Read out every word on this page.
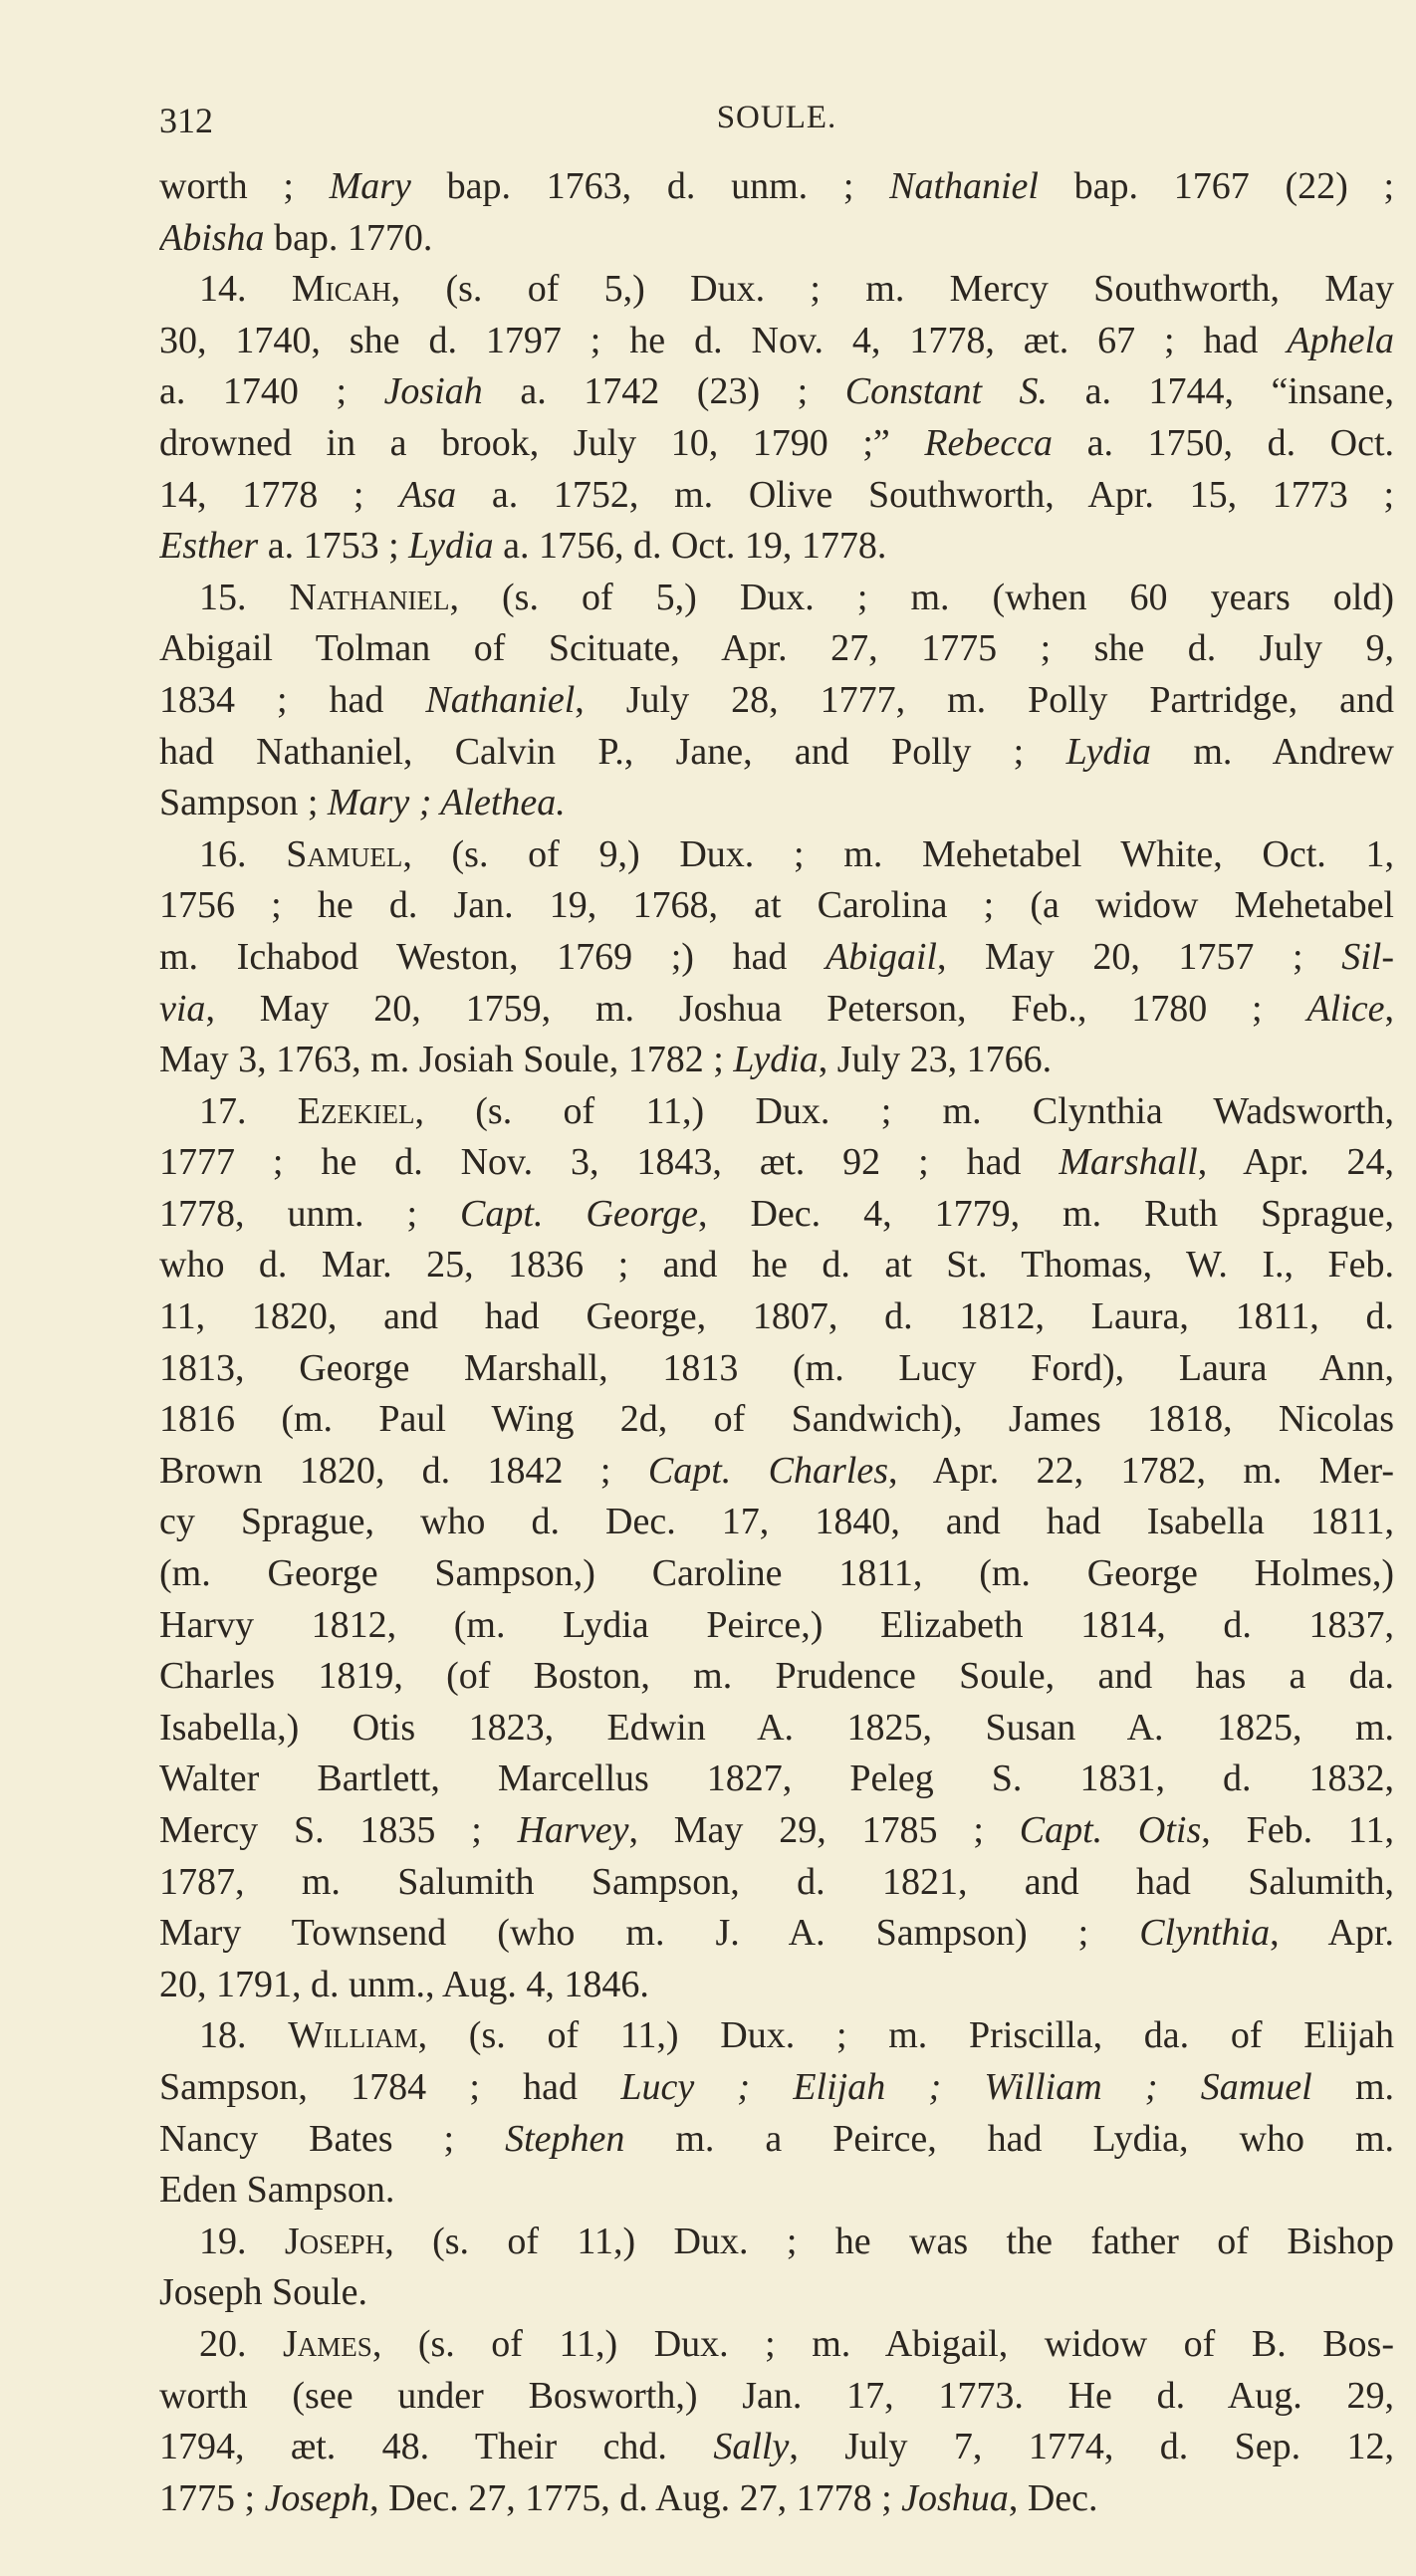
312	SOULE.
worth ; Mary bap. 1763, d. unm. ; Nathaniel bap. 1767 (22) ;
Abisha bap. 1770.
14. Micah, (s. of 5,) Dux. ; m. Mercy Southworth, May
30, 1740, she d. 1797 ; he d. Nov. 4, 1778, æt. 67 ; had Aphela
a. 1740 ; Josiah a. 1742 (23) ; Constant S. a. 1744, “insane,
drowned in a brook, July 10, 1790 ;” Rebecca a. 1750, d. Oct.
14, 1778 ; Asa a. 1752, m. Olive Southworth, Apr. 15, 1773 ;
Esther a. 1753 ; Lydia a. 1756, d. Oct. 19, 1778.
15. Nathaniel, (s. of 5,) Dux. ; m. (when 60 years old)
Abigail Tolman of Scituate, Apr. 27, 1775 ; she d. July 9,
1834 ; had Nathaniel, July 28, 1777, m. Polly Partridge, and
had Nathaniel, Calvin P., Jane, and Polly ; Lydia m. Andrew
Sampson ; Mary ; Alethea.
16. Samuel, (s. of 9,) Dux. ; m. Mehetabel White, Oct. 1,
1756 ; he d. Jan. 19, 1768, at Carolina ; (a widow Mehetabel
m. Ichabod Weston, 1769 ;) had Abigail, May 20, 1757 ; Sil-
via, May 20, 1759, m. Joshua Peterson, Feb., 1780 ; Alice,
May 3, 1763, m. Josiah Soule, 1782 ; Lydia, July 23, 1766.
17. Ezekiel, (s. of 11,) Dux. ; m. Clynthia Wadsworth,
1777 ; he d. Nov. 3, 1843, æt. 92 ; had Marshall, Apr. 24,
1778, unm. ; Capt. George, Dec. 4, 1779, m. Ruth Sprague,
who d. Mar. 25, 1836 ; and he d. at St. Thomas, W. I., Feb.
11, 1820, and had George, 1807, d. 1812, Laura, 1811, d.
1813, George Marshall, 1813 (m. Lucy Ford), Laura Ann,
1816 (m. Paul Wing 2d, of Sandwich), James 1818, Nicolas
Brown 1820, d. 1842 ; Capt. Charles, Apr. 22, 1782, m. Mer-
cy Sprague, who d. Dec. 17, 1840, and had Isabella 1811,
(m. George Sampson,) Caroline 1811, (m. George Holmes,)
Harvy 1812, (m. Lydia Peirce,) Elizabeth 1814, d. 1837,
Charles 1819, (of Boston, m. Prudence Soule, and has a da.
Isabella,) Otis 1823, Edwin A. 1825, Susan A. 1825, m.
Walter Bartlett, Marcellus 1827, Peleg S. 1831, d. 1832,
Mercy S. 1835 ; Harvey, May 29, 1785 ; Capt. Otis, Feb. 11,
1787, m. Salumith Sampson, d. 1821, and had Salumith,
Mary Townsend (who m. J. A. Sampson) ; Clynthia, Apr.
20, 1791, d. unm., Aug. 4, 1846.
18. William, (s. of 11,) Dux. ; m. Priscilla, da. of Elijah
Sampson, 1784 ; had Lucy ; Elijah ; William ; Samuel m.
Nancy Bates ; Stephen m. a Peirce, had Lydia, who m.
Eden Sampson.
19. Joseph, (s. of 11,) Dux. ; he was the father of Bishop
Joseph Soule.
20. James, (s. of 11,) Dux. ; m. Abigail, widow of B. Bos-
worth (see under Bosworth,) Jan. 17, 1773. He d. Aug. 29,
1794, æt. 48. Their chd. Sally, July 7, 1774, d. Sep. 12,
1775 ; Joseph, Dec. 27, 1775, d. Aug. 27, 1778 ; Joshua, Dec.
